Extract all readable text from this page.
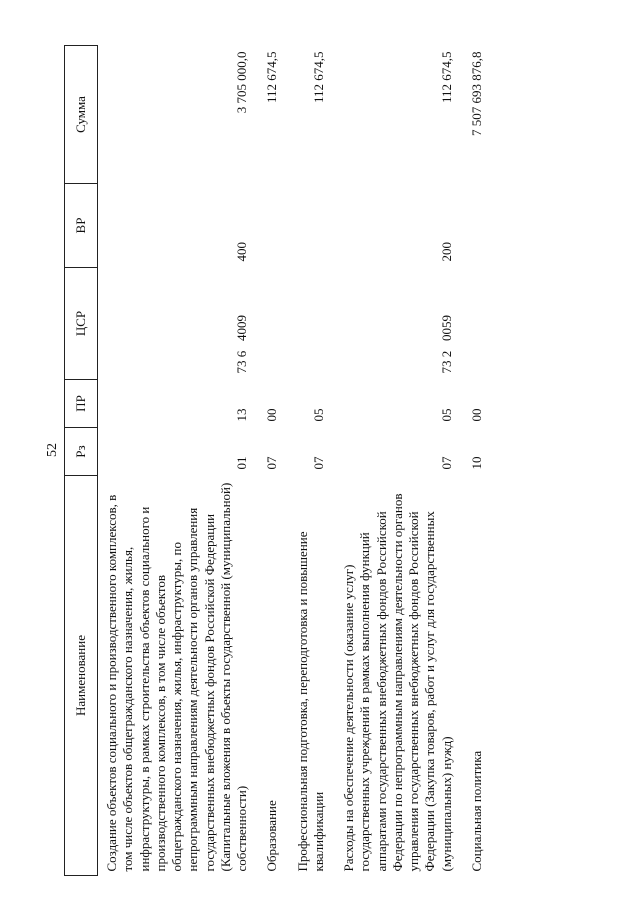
52
Наименование	Рз	ПР	ЦСР	ВР	Сумма
Создание объектов социального и производственного комплексов, в том числе объектов общегражданского назначения, жилья, инфраструктуры, в рамках строительства объектов социального и производственного комплексов, в том числе объектов общегражданского назначения, жилья, инфраструктуры, по непрограммным направлениям деятельности органов управления государственных внебюджетных фондов Российской Федерации (Капитальные вложения в объекты государственной (муниципальной) собственности)	01	13	73 6   4009	400	3 705 000,0
Образование	07	00			112 674,5
Профессиональная подготовка, переподготовка и повышение квалификации	07	05			112 674,5
Расходы на обеспечение деятельности (оказание услуг) государственных учреждений в рамках выполнения функций аппаратами государственных внебюджетных фондов Российской Федерации по непрограммным направлениям деятельности органов управления государственных внебюджетных фондов Российской Федерации (Закупка товаров, работ и услуг для государственных (муниципальных) нужд)	07	05	73 2   0059	200	112 674,5
Социальная политика	10	00			7 507 693 876,8
